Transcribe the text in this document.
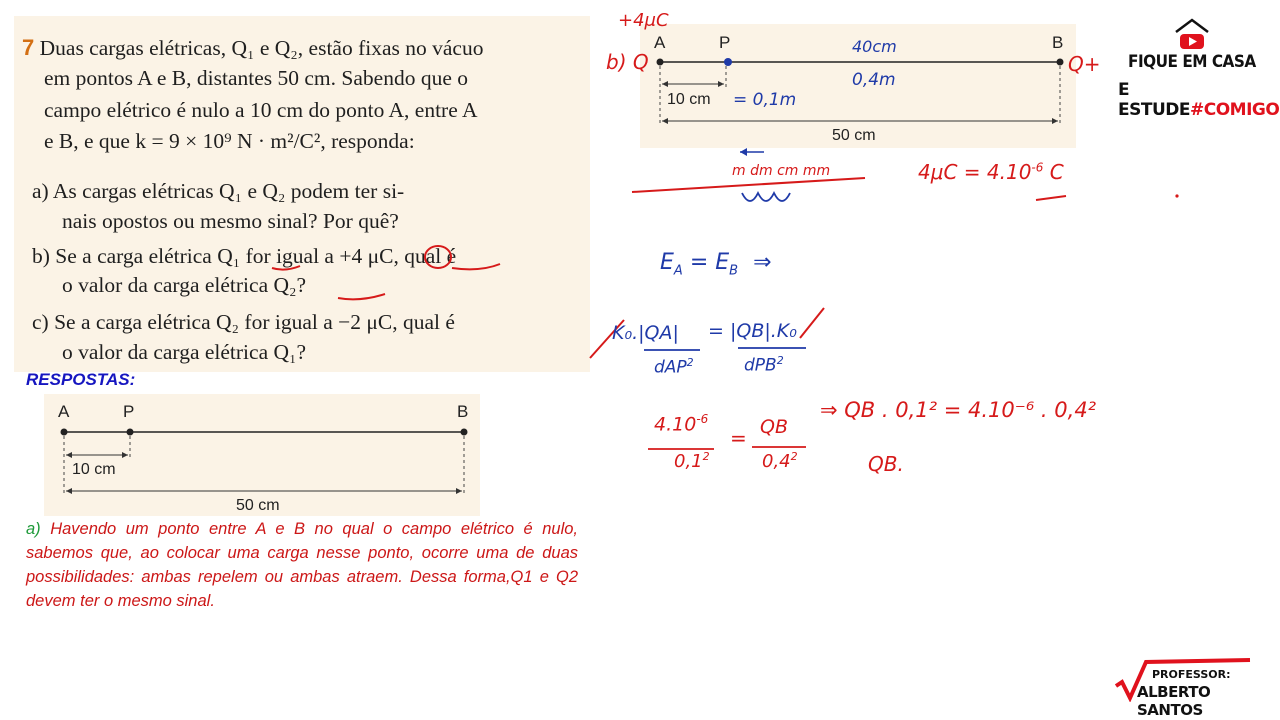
7 Duas cargas elétricas, Q₁ e Q₂, estão fixas no vácuo
em pontos A e B, distantes 50 cm. Sabendo que o
campo elétrico é nulo a 10 cm do ponto A, entre A
e B, e que k = 9 × 10⁹ N · m²/C², responda:
a) As cargas elétricas Q₁ e Q₂ podem ter si-
nais opostos ou mesmo sinal? Por quê?
b) Se a carga elétrica Q₁ for igual a +4 μC, qual é
o valor da carga elétrica Q₂?
c) Se a carga elétrica Q₂ for igual a −2 μC, qual é
o valor da carga elétrica Q₁?
RESPOSTAS:
A	P	B
10 cm
50 cm
a) Havendo um ponto entre A e B no qual o campo elétrico é nulo, sabemos que, ao colocar uma carga nesse ponto, ocorre uma de duas possibilidades: ambas repelem ou ambas atraem. Dessa forma,Q1 e Q2 devem ter o mesmo sinal.
A	P	B
10 cm
50 cm
+4μC
b) Q	Q+
40cm
0,4m
= 0,1m
m dm cm mm	$4\mu C = 4.10^{-6}$ C
$E_A = E_B$ ⇒
K₀.|QA|
dAP$^2$
= |QB|.K₀
dPB$^2$
$4.10^{-6}$
$0,1^2$
= QB
$0,4^2$
⇒ QB . 0,1² = 4.10⁻⁶ . 0,4²
QB.
FIQUE EM CASA
E ESTUDE#COMIGO
PROFESSOR:
ALBERTO SANTOS
